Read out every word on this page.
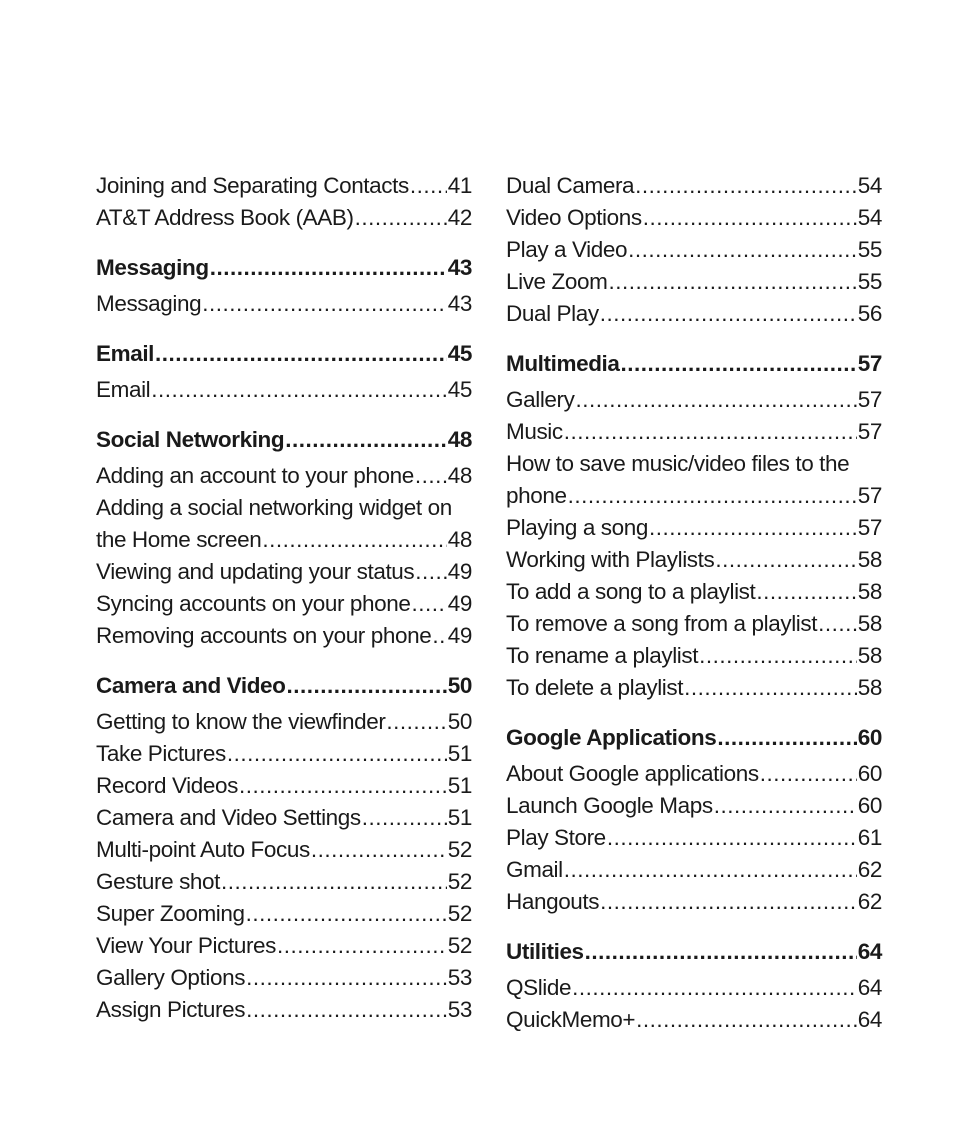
Joining and Separating Contacts ..... 41
AT&T Address Book (AAB) .....	42
Messaging .....	43
Messaging .....	43
Email .....	45
Email .....	45
Social Networking .....	48
Adding an account to your phone ..... 48
Adding a social networking widget on
the Home screen .....	48
Viewing and updating your status ..... 49
Syncing accounts on your phone ..... 49
Removing accounts on your phone ..... 49
Camera and Video .....	50
Getting to know the viewfinder .....	50
Take Pictures .....	51
Record Videos .....	51
Camera and Video Settings .....	51
Multi-point Auto Focus .....	52
Gesture shot .....	52
Super Zooming .....	52
View Your Pictures .....	52
Gallery Options .....	53
Assign Pictures .....	53
Dual Camera .....	54
Video Options .....	54
Play a Video .....	55
Live Zoom .....	55
Dual Play .....	56
Multimedia .....	57
Gallery .....	57
Music .....	57
How to save music/video files to the
phone .....	57
Playing a song .....	57
Working with Playlists .....	58
To add a song to a playlist .....	58
To remove a song from a playlist ..... 58
To rename a playlist .....	58
To delete a playlist .....	58
Google Applications .....	60
About Google applications .....	60
Launch Google Maps .....	60
Play Store .....	61
Gmail .....	62
Hangouts .....	62
Utilities .....	64
QSlide .....	64
QuickMemo+ .....	64
